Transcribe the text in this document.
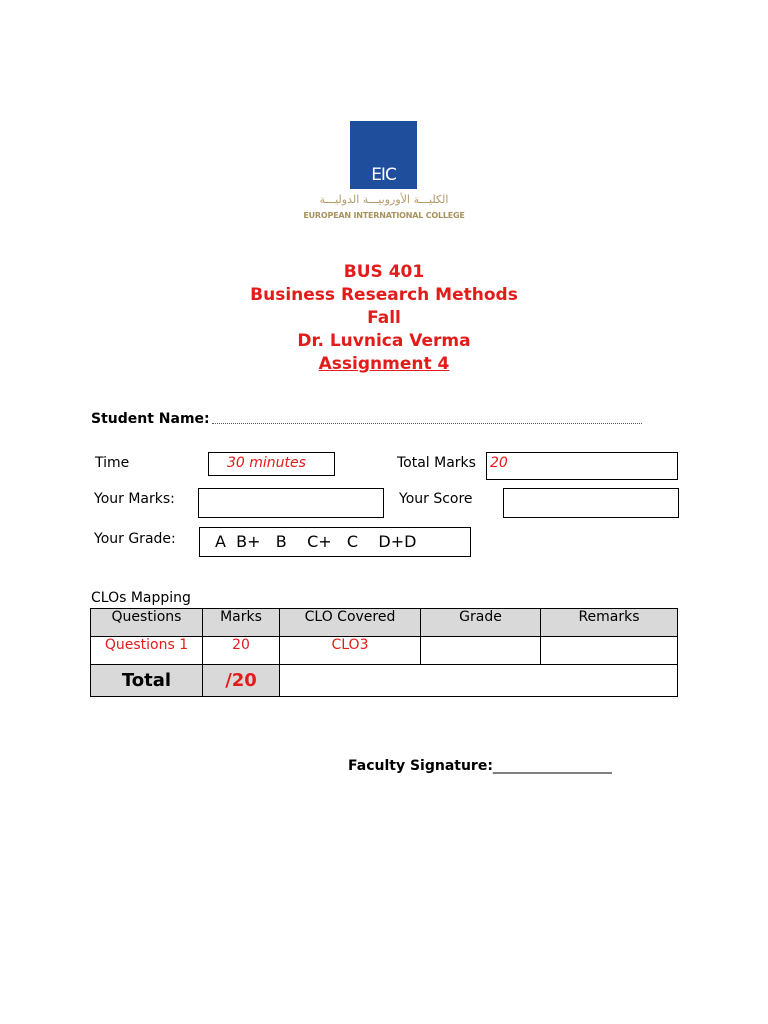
EIC
الكليـــة الأوروبيـــة الدوليـــة
EUROPEAN INTERNATIONAL COLLEGE
BUS 401
Business Research Methods
Fall
Dr. Luvnica Verma
Assignment 4
Student Name:
Time	30 minutes	Total Marks 20
Your Marks:	Your Score
Your Grade: A  B+   B    C+   C    D+D
CLOs Mapping
Questions	Marks	CLO Covered	Grade	Remarks
Questions 1	20	CLO3		
Total	/20			
Faculty Signature:_________________
